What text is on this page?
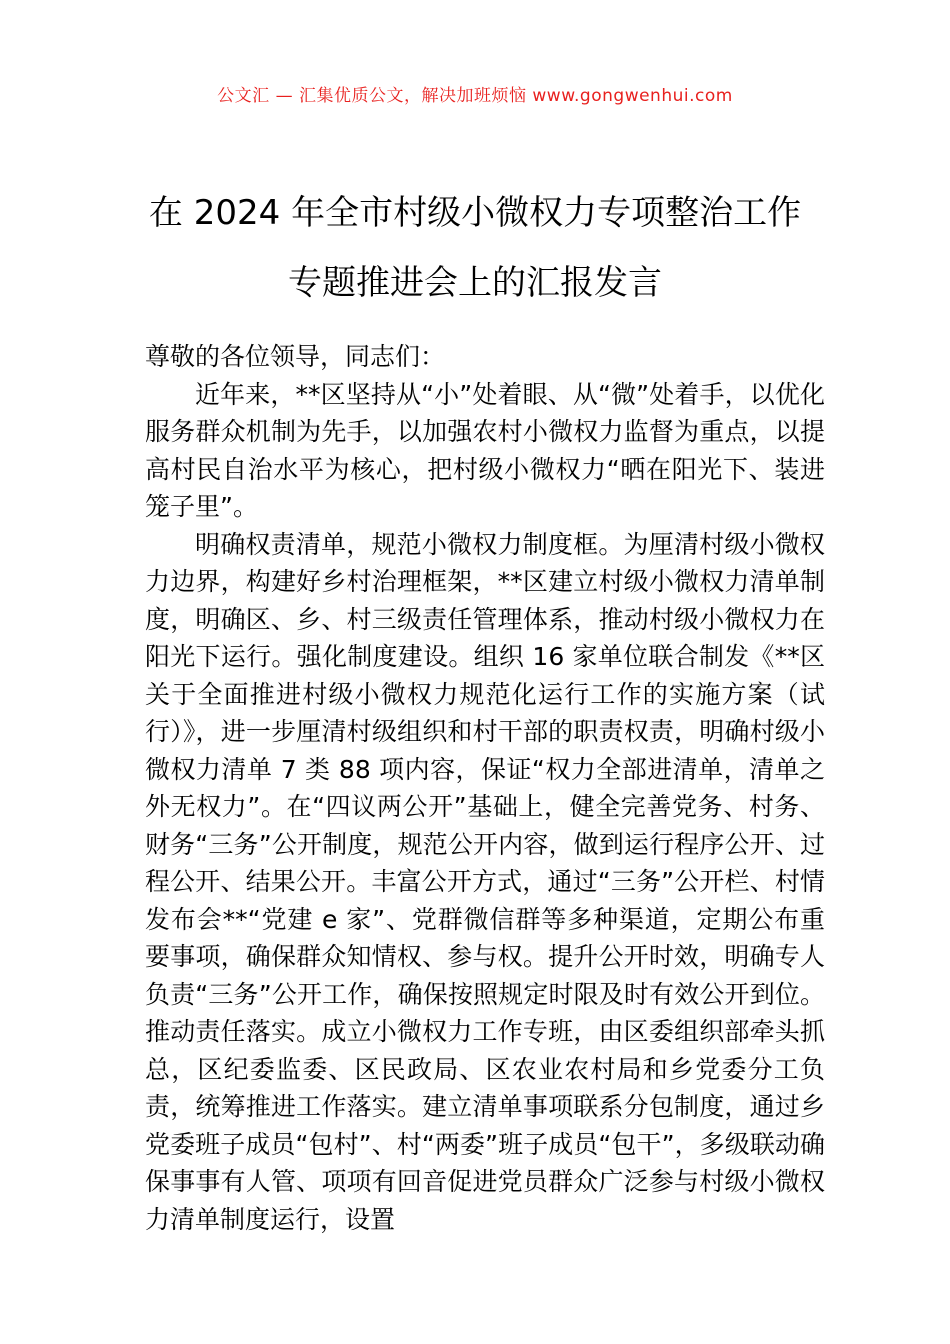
公文汇 — 汇集优质公文，解决加班烦恼 www.gongwenhui.com
在 2024 年全市村级小微权力专项整治工作
专题推进会上的汇报发言

尊敬的各位领导，同志们：

近年来，**区坚持从“小”处着眼、从“微”处着手，以优化服务群众机制为先手，以加强农村小微权力监督为重点，以提高村民自治水平为核心，把村级小微权力“晒在阳光下、装进笼子里”。

明确权责清单，规范小微权力制度框。为厘清村级小微权力边界，构建好乡村治理框架，**区建立村级小微权力清单制度，明确区、乡、村三级责任管理体系，推动村级小微权力在阳光下运行。强化制度建设。组织 16 家单位联合制发《**区关于全面推进村级小微权力规范化运行工作的实施方案（试行）》，进一步厘清村级组织和村干部的职责权责，明确村级小微权力清单 7 类 88 项内容，保证“权力全部进清单，清单之外无权力”。在“四议两公开”基础上，健全完善党务、村务、财务“三务”公开制度，规范公开内容，做到运行程序公开、过程公开、结果公开。丰富公开方式，通过“三务”公开栏、村情发布会**“党建 e 家”、党群微信群等多种渠道，定期公布重要事项，确保群众知情权、参与权。提升公开时效，明确专人负责“三务”公开工作，确保按照规定时限及时有效公开到位。推动责任落实。成立小微权力工作专班，由区委组织部牵头抓总，区纪委监委、区民政局、区农业农村局和乡党委分工负责，统筹推进工作落实。建立清单事项联系分包制度，通过乡党委班子成员“包村”、村“两委”班子成员“包干”，多级联动确保事事有人管、项项有回音促进党员群众广泛参与村级小微权力清单制度运行，设置
